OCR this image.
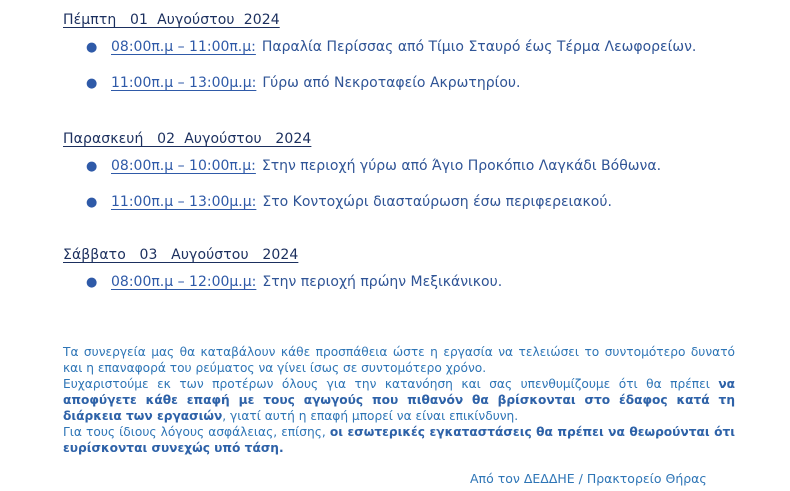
Πέμπτη   01  Αυγούστου  2024
● 08:00π.μ – 11:00π.μ: Παραλία Περίσσας από Τίμιο Σταυρό έως Τέρμα Λεωφορείων.
● 11:00π.μ – 13:00μ.μ: Γύρω από Νεκροταφείο Ακρωτηρίου.
Παρασκευή   02  Αυγούστου   2024
● 08:00π.μ – 10:00π.μ: Στην περιοχή γύρω από Άγιο Προκόπιο Λαγκάδι Βόθωνα.
● 11:00π.μ – 13:00μ.μ: Στο Κοντοχώρι διασταύρωση έσω περιφερειακού.
Σάββατο   03   Αυγούστου   2024
● 08:00π.μ – 12:00μ.μ: Στην περιοχή πρώην Μεξικάνικου.

Τα συνεργεία μας θα καταβάλουν κάθε προσπάθεια ώστε η εργασία να τελειώσει το συντομότερο δυνατό και η επαναφορά του ρεύματος να γίνει ίσως σε συντομότερο χρόνο.

Ευχαριστούμε εκ των προτέρων όλους για την κατανόηση και σας υπενθυμίζουμε ότι θα πρέπει να αποφύγετε κάθε επαφή με τους αγωγούς που πιθανόν θα βρίσκονται στο έδαφος κατά τη διάρκεια των εργασιών, γιατί αυτή η επαφή μπορεί να είναι επικίνδυνη.

Για τους ίδιους λόγους ασφάλειας, επίσης, οι εσωτερικές εγκαταστάσεις θα πρέπει να θεωρούνται ότι ευρίσκονται συνεχώς υπό τάση.

Από τον ΔΕΔΔΗΕ / Πρακτορείο Θήρας
